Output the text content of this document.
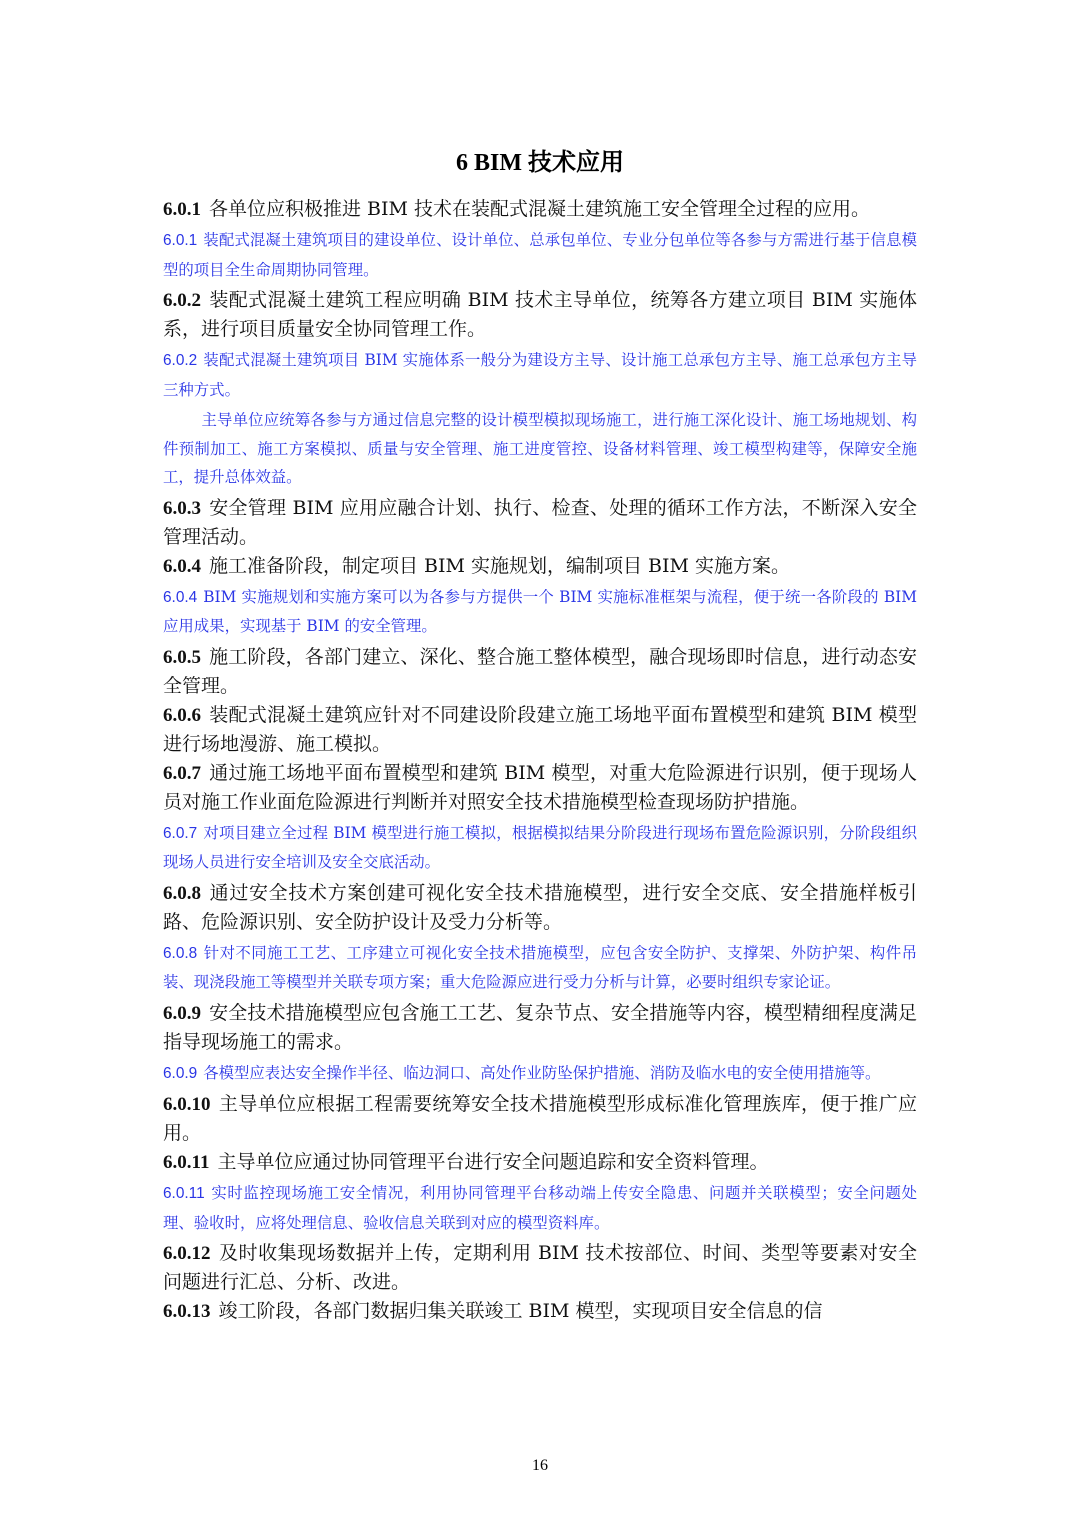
6 BIM 技术应用

6.0.1 各单位应积极推进 BIM 技术在装配式混凝土建筑施工安全管理全过程的应用。

6.0.1 装配式混凝土建筑项目的建设单位、设计单位、总承包单位、专业分包单位等各参与方需进行基于信息模型的项目全生命周期协同管理。

6.0.2 装配式混凝土建筑工程应明确 BIM 技术主导单位，统筹各方建立项目 BIM 实施体系，进行项目质量安全协同管理工作。

6.0.2 装配式混凝土建筑项目 BIM 实施体系一般分为建设方主导、设计施工总承包方主导、施工总承包方主导三种方式。

主导单位应统筹各参与方通过信息完整的设计模型模拟现场施工，进行施工深化设计、施工场地规划、构件预制加工、施工方案模拟、质量与安全管理、施工进度管控、设备材料管理、竣工模型构建等，保障安全施工，提升总体效益。

6.0.3 安全管理 BIM 应用应融合计划、执行、检查、处理的循环工作方法，不断深入安全管理活动。

6.0.4 施工准备阶段，制定项目 BIM 实施规划，编制项目 BIM 实施方案。

6.0.4 BIM 实施规划和实施方案可以为各参与方提供一个 BIM 实施标准框架与流程，便于统一各阶段的 BIM 应用成果，实现基于 BIM 的安全管理。

6.0.5 施工阶段，各部门建立、深化、整合施工整体模型，融合现场即时信息，进行动态安全管理。

6.0.6 装配式混凝土建筑应针对不同建设阶段建立施工场地平面布置模型和建筑 BIM 模型进行场地漫游、施工模拟。

6.0.7 通过施工场地平面布置模型和建筑 BIM 模型，对重大危险源进行识别，便于现场人员对施工作业面危险源进行判断并对照安全技术措施模型检查现场防护措施。

6.0.7 对项目建立全过程 BIM 模型进行施工模拟，根据模拟结果分阶段进行现场布置危险源识别，分阶段组织现场人员进行安全培训及安全交底活动。

6.0.8 通过安全技术方案创建可视化安全技术措施模型，进行安全交底、安全措施样板引路、危险源识别、安全防护设计及受力分析等。

6.0.8 针对不同施工工艺、工序建立可视化安全技术措施模型，应包含安全防护、支撑架、外防护架、构件吊装、现浇段施工等模型并关联专项方案；重大危险源应进行受力分析与计算，必要时组织专家论证。

6.0.9 安全技术措施模型应包含施工工艺、复杂节点、安全措施等内容，模型精细程度满足指导现场施工的需求。

6.0.9 各模型应表达安全操作半径、临边洞口、高处作业防坠保护措施、消防及临水电的安全使用措施等。

6.0.10 主导单位应根据工程需要统筹安全技术措施模型形成标准化管理族库，便于推广应用。

6.0.11 主导单位应通过协同管理平台进行安全问题追踪和安全资料管理。

6.0.11 实时监控现场施工安全情况，利用协同管理平台移动端上传安全隐患、问题并关联模型；安全问题处理、验收时，应将处理信息、验收信息关联到对应的模型资料库。

6.0.12 及时收集现场数据并上传，定期利用 BIM 技术按部位、时间、类型等要素对安全问题进行汇总、分析、改进。

6.0.13 竣工阶段，各部门数据归集关联竣工 BIM 模型，实现项目安全信息的信

16
